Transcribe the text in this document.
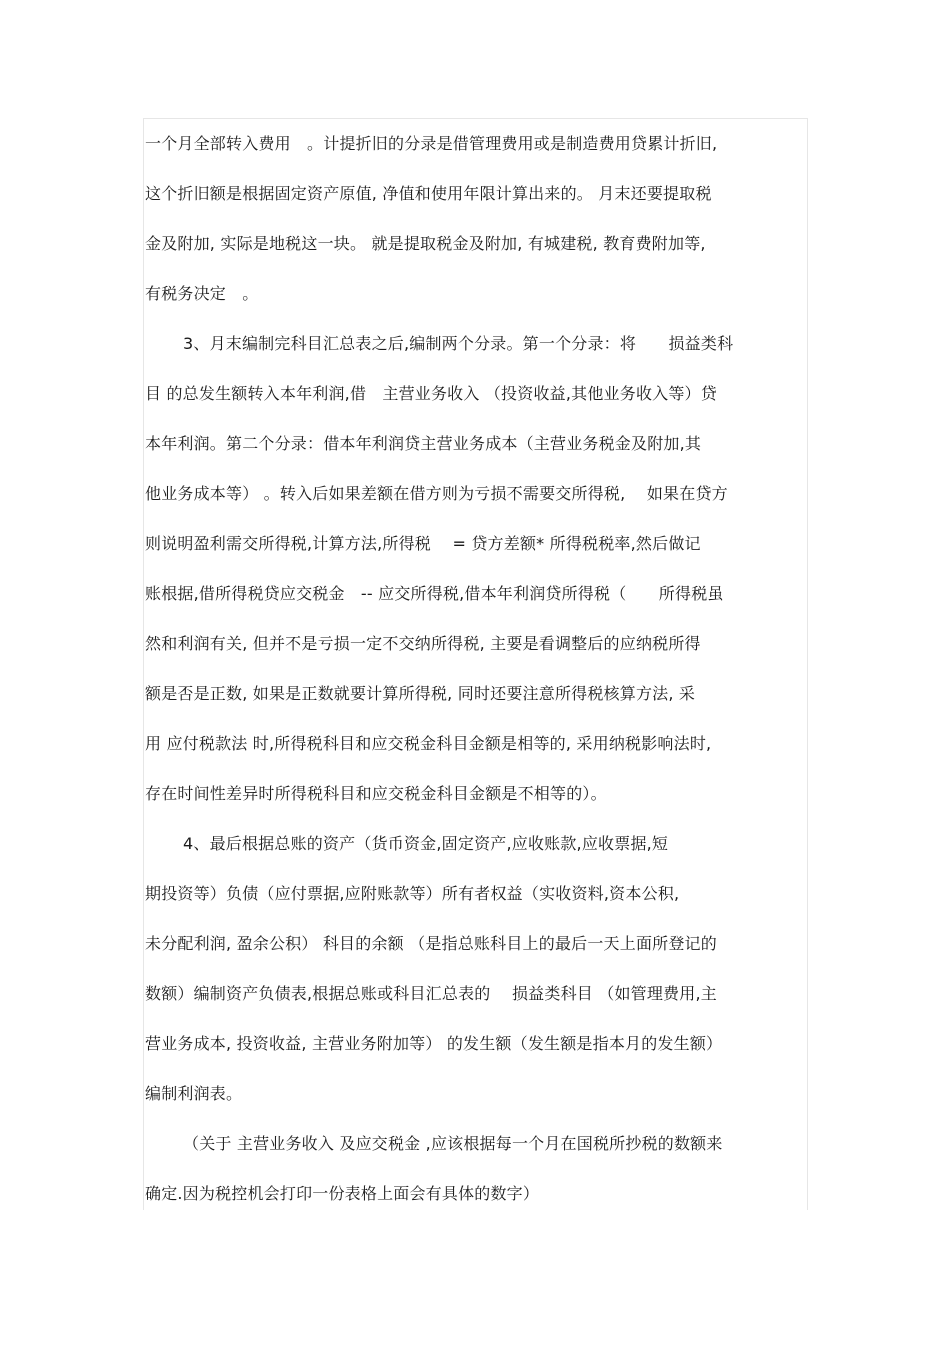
一个月全部转入费用　。计提折旧的分录是借管理费用或是制造费用贷累计折旧,
这个折旧额是根据固定资产原值, 净值和使用年限计算出来的。 月末还要提取税
金及附加, 实际是地税这一块。 就是提取税金及附加, 有城建税, 教育费附加等,
有税务决定　。
3、月末编制完科目汇总表之后,编制两个分录。第一个分录：将　　损益类科
目 的总发生额转入本年利润,借　主营业务收入 （投资收益,其他业务收入等）贷
本年利润。第二个分录：借本年利润贷主营业务成本（主营业务税金及附加,其
他业务成本等） 。转入后如果差额在借方则为亏损不需要交所得税,　 如果在贷方
则说明盈利需交所得税,计算方法,所得税　 = 贷方差额* 所得税税率,然后做记
账根据,借所得税贷应交税金　-- 应交所得税,借本年利润贷所得税（　　所得税虽
然和利润有关, 但并不是亏损一定不交纳所得税, 主要是看调整后的应纳税所得
额是否是正数, 如果是正数就要计算所得税, 同时还要注意所得税核算方法, 采
用 应付税款法 时,所得税科目和应交税金科目金额是相等的, 采用纳税影响法时,
存在时间性差异时所得税科目和应交税金科目金额是不相等的）。
4、最后根据总账的资产（货币资金,固定资产,应收账款,应收票据,短
期投资等）负债（应付票据,应附账款等）所有者权益（实收资料,资本公积,
未分配利润, 盈余公积） 科目的余额 （是指总账科目上的最后一天上面所登记的
数额）编制资产负债表,根据总账或科目汇总表的　 损益类科目 （如管理费用,主
营业务成本, 投资收益, 主营业务附加等） 的发生额（发生额是指本月的发生额）
编制利润表。
（关于 主营业务收入 及应交税金 ,应该根据每一个月在国税所抄税的数额来
确定.因为税控机会打印一份表格上面会有具体的数字）
